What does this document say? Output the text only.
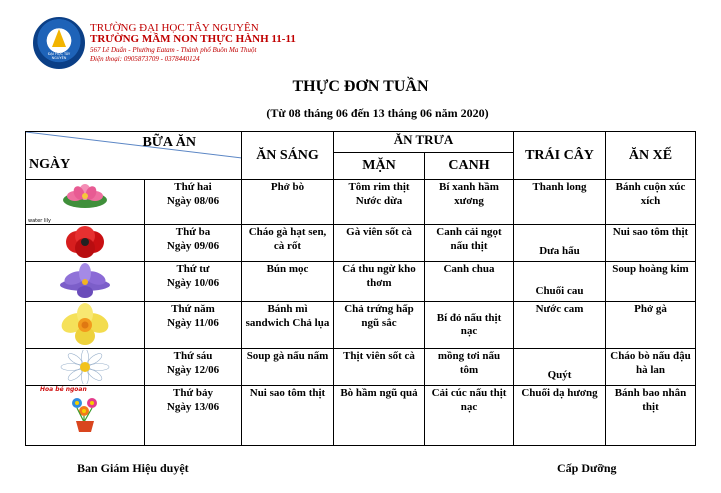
ĐẠI HỌC TÂY NGUYÊN
TRƯỜNG ĐẠI HỌC TÂY NGUYÊN
TRƯỜNG MẦM NON THỰC HÀNH 11-11
567 Lê Duẩn - Phường Eatam - Thành phố Buôn Ma Thuột
Điện thoại: 0905873709 - 0378440124
THỰC ĐƠN TUẦN
(Từ 08 tháng 06 đến 13 tháng 06 năm 2020)
BỮA ĂN
NGÀY		ĂN SÁNG	ĂN TRƯA		TRÁI CÂY	ĂN XẾ
			MẶN	CANH		

water lily	Thứ hai
Ngày 08/06	Phở bò	Tôm rim thịt Nước dừa	Bí xanh hầm xương	Thanh long	Bánh cuộn xúc xích

Thứ ba
Ngày 09/06	Cháo gà hạt sen, cà rốt	Gà viên sốt cà	Canh cải ngọt nấu thịt	Dưa hấu	Nui sao tôm thịt

Thứ tư
Ngày 10/06	Bún mọc	Cá thu ngừ kho thơm	Canh chua	Chuối cau	Soup hoàng kim

Thứ năm
Ngày 11/06	Bánh mì sandwich Chả lụa	Chả trứng hấp ngũ sắc	Bí đỏ nấu thịt nạc	Nước cam	Phở gà

Thứ sáu
Ngày 12/06	Soup gà nấu nấm	Thịt viên sốt cà	mồng tơi nấu tôm	Quýt	Cháo bò nấu đậu hà lan

Hoa bé ngoan	Thứ bảy
Ngày 13/06	Nui sao tôm thịt	Bò hầm ngũ quả	Cải cúc nấu thịt nạc	Chuối dạ hương	Bánh bao nhân thịt
Ban Giám Hiệu duyệt	Cấp Dưỡng
